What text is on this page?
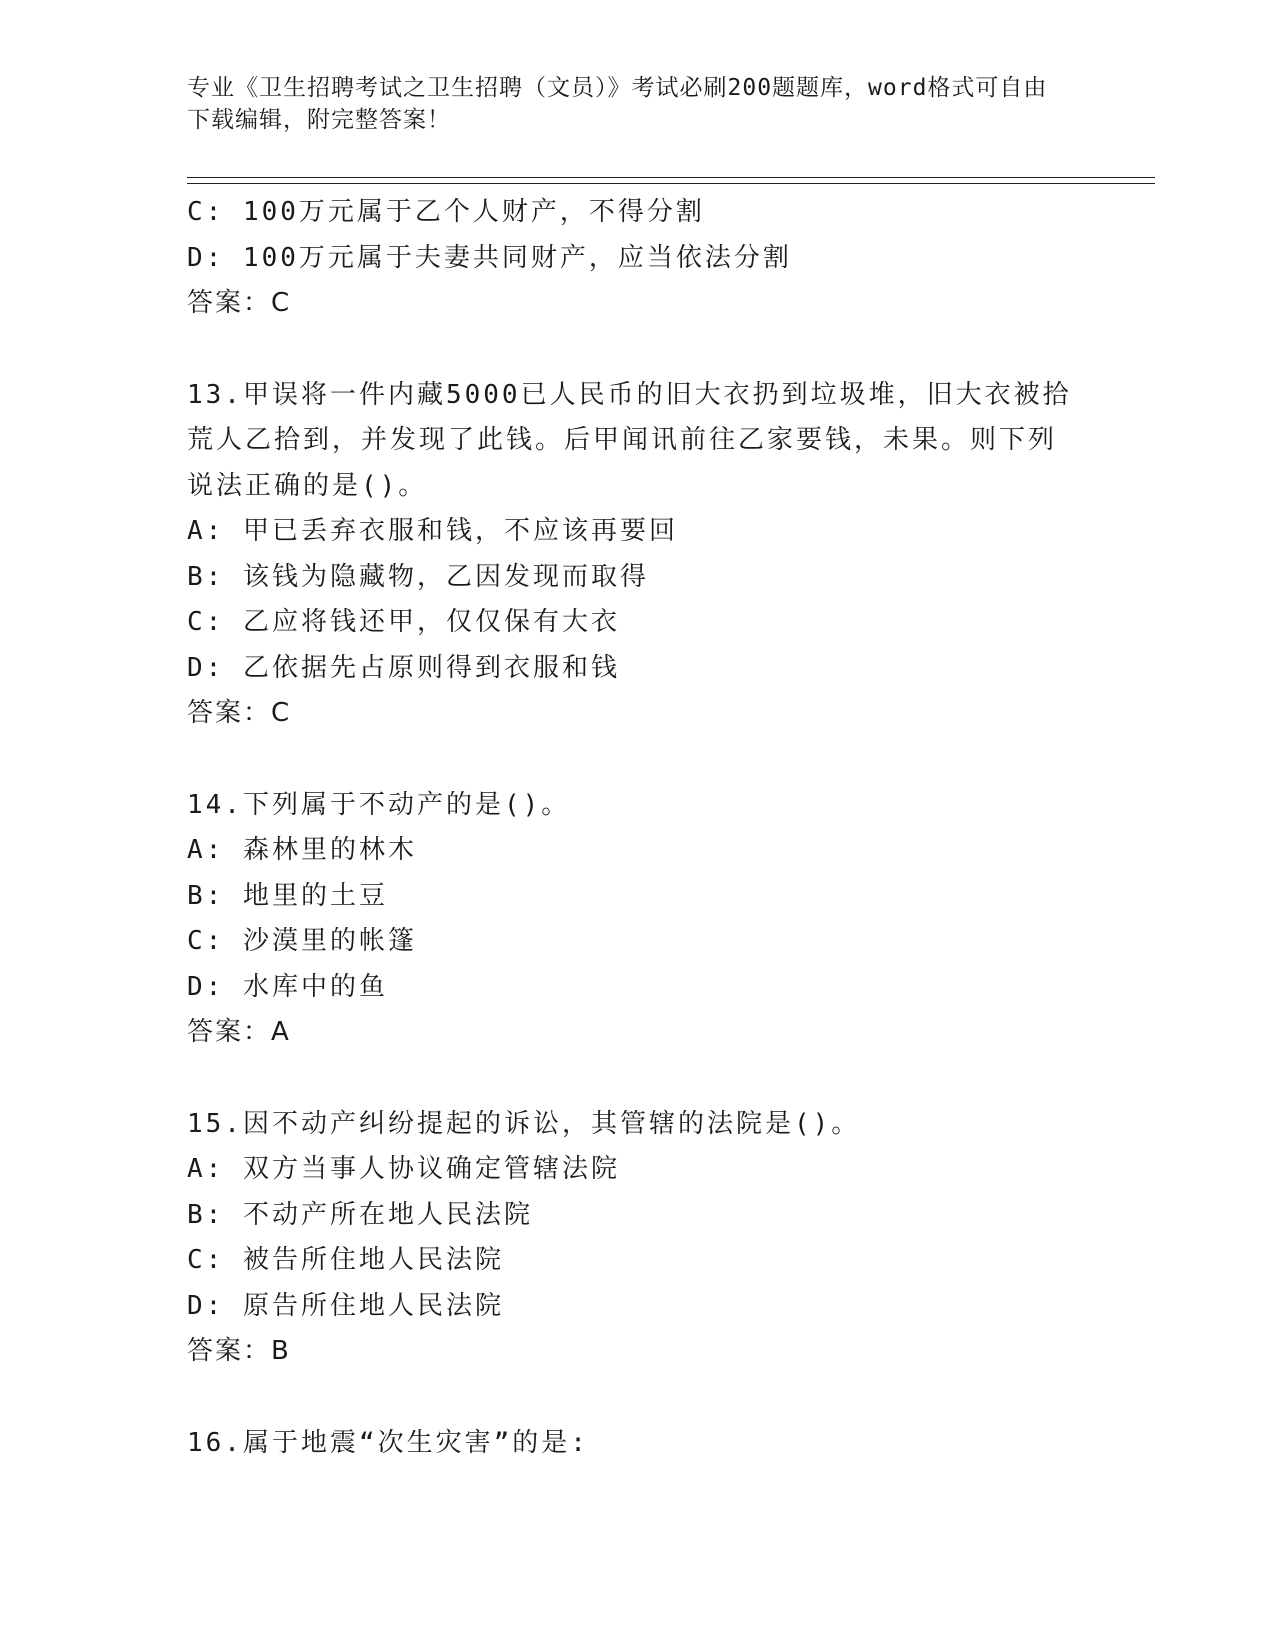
专业《卫生招聘考试之卫生招聘（文员）》考试必刷200题题库，word格式可自由下载编辑，附完整答案！
C: 100万元属于乙个人财产，不得分割
D: 100万元属于夫妻共同财产，应当依法分割
答案：C
13.甲误将一件内藏5000已人民币的旧大衣扔到垃圾堆，旧大衣被拾
荒人乙拾到，并发现了此钱。后甲闻讯前往乙家要钱，未果。则下列
说法正确的是()。
A: 甲已丢弃衣服和钱，不应该再要回
B: 该钱为隐藏物，乙因发现而取得
C: 乙应将钱还甲，仅仅保有大衣
D: 乙依据先占原则得到衣服和钱
答案：C
14.下列属于不动产的是()。
A: 森林里的林木
B: 地里的土豆
C: 沙漠里的帐篷
D: 水库中的鱼
答案：A
15.因不动产纠纷提起的诉讼，其管辖的法院是()。
A: 双方当事人协议确定管辖法院
B: 不动产所在地人民法院
C: 被告所住地人民法院
D: 原告所住地人民法院
答案：B
16.属于地震“次生灾害”的是:
